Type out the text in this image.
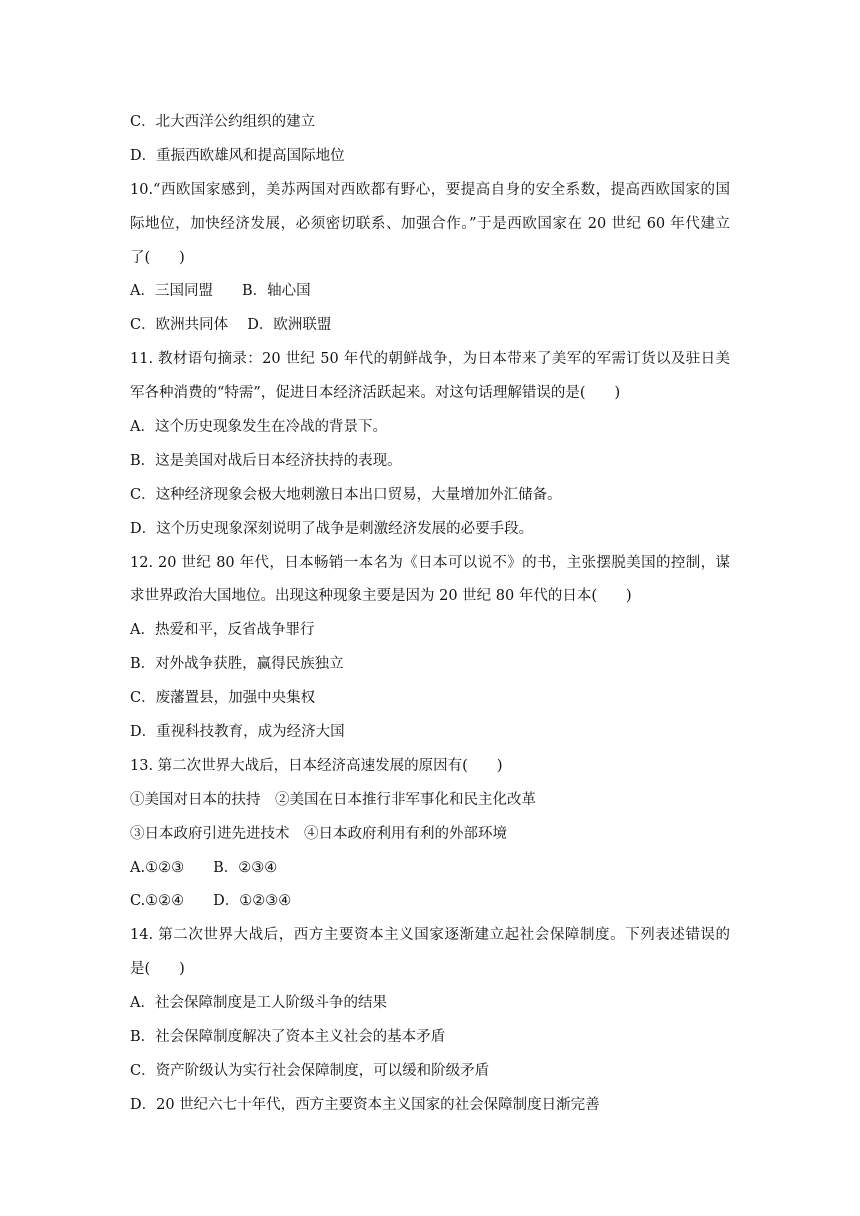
C．北大西洋公约组织的建立
D．重振西欧雄风和提高国际地位
10.“西欧国家感到，美苏两国对西欧都有野心，要提高自身的安全系数，提高西欧国家的国
际地位，加快经济发展，必须密切联系、加强合作。”于是西欧国家在 20 世纪 60 年代建立
了(　　)
A．三国同盟　　B．轴心国
C．欧洲共同体　 D．欧洲联盟
11. 教材语句摘录：20 世纪 50 年代的朝鲜战争，为日本带来了美军的军需订货以及驻日美
军各种消费的“特需”，促进日本经济活跃起来。对这句话理解错误的是(　　)
A．这个历史现象发生在冷战的背景下。
B．这是美国对战后日本经济扶持的表现。
C．这种经济现象会极大地刺激日本出口贸易，大量增加外汇储备。
D．这个历史现象深刻说明了战争是刺激经济发展的必要手段。
12. 20 世纪 80 年代，日本畅销一本名为《日本可以说不》的书，主张摆脱美国的控制，谋
求世界政治大国地位。出现这种现象主要是因为 20 世纪 80 年代的日本(　　)
A．热爱和平，反省战争罪行
B．对外战争获胜，赢得民族独立
C．废藩置县，加强中央集权
D．重视科技教育，成为经济大国
13. 第二次世界大战后，日本经济高速发展的原因有(　　)
①美国对日本的扶持　②美国在日本推行非军事化和民主化改革
③日本政府引进先进技术　④日本政府利用有利的外部环境
A.①②③　　B．②③④
C.①②④　　D．①②③④
14. 第二次世界大战后，西方主要资本主义国家逐渐建立起社会保障制度。下列表述错误的
是(　　)
A．社会保障制度是工人阶级斗争的结果
B．社会保障制度解决了资本主义社会的基本矛盾
C．资产阶级认为实行社会保障制度，可以缓和阶级矛盾
D．20 世纪六七十年代，西方主要资本主义国家的社会保障制度日渐完善
